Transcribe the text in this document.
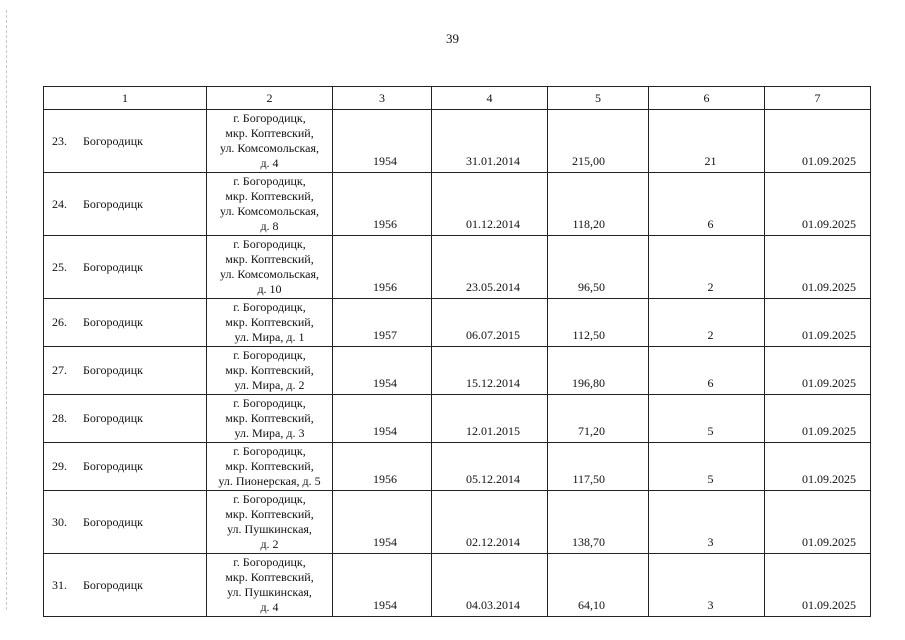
39
1	2	3	4	5	6	7
23. Богородицк	г. Богородицк,
мкр. Коптевский,
ул. Комсомольская,
д. 4	1954	31.01.2014	215,00	21	01.09.2025
24. Богородицк	г. Богородицк,
мкр. Коптевский,
ул. Комсомольская,
д. 8	1956	01.12.2014	118,20	6	01.09.2025
25. Богородицк	г. Богородицк,
мкр. Коптевский,
ул. Комсомольская,
д. 10	1956	23.05.2014	96,50	2	01.09.2025
26. Богородицк	г. Богородицк,
мкр. Коптевский,
ул. Мира, д. 1	1957	06.07.2015	112,50	2	01.09.2025
27. Богородицк	г. Богородицк,
мкр. Коптевский,
ул. Мира, д. 2	1954	15.12.2014	196,80	6	01.09.2025
28. Богородицк	г. Богородицк,
мкр. Коптевский,
ул. Мира, д. 3	1954	12.01.2015	71,20	5	01.09.2025
29. Богородицк	г. Богородицк,
мкр. Коптевский,
ул. Пионерская, д. 5	1956	05.12.2014	117,50	5	01.09.2025
30. Богородицк	г. Богородицк,
мкр. Коптевский,
ул. Пушкинская,
д. 2	1954	02.12.2014	138,70	3	01.09.2025
31. Богородицк	г. Богородицк,
мкр. Коптевский,
ул. Пушкинская,
д. 4	1954	04.03.2014	64,10	3	01.09.2025
